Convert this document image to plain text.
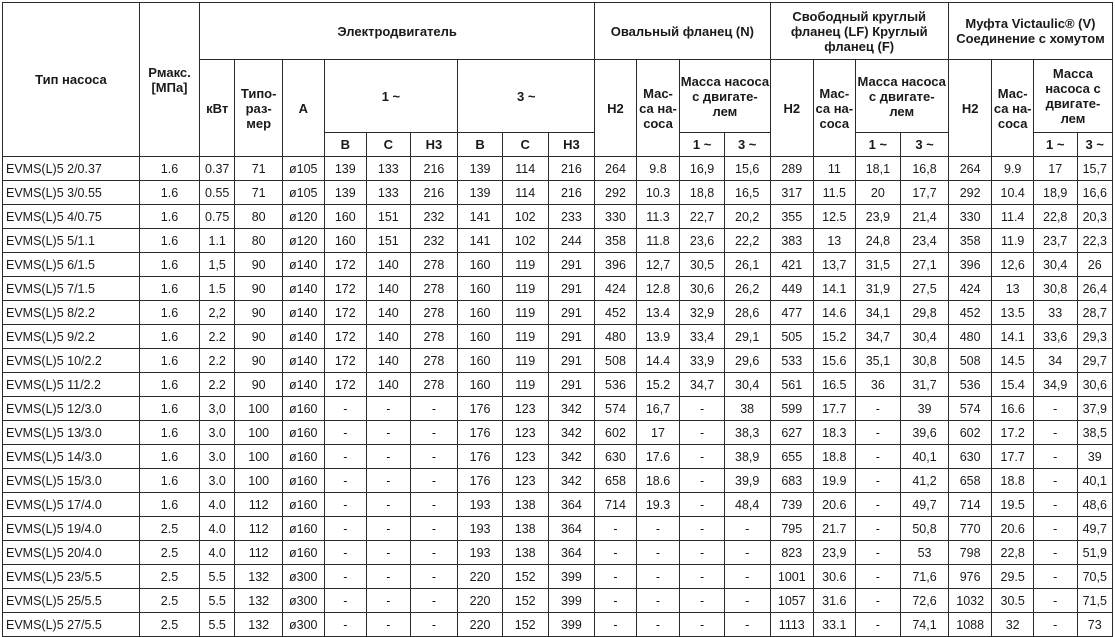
Тип насоса	Pмакс. [МПа]	Электродвигатель									Овальный фланец (N)				Свободный круглый фланец (LF) Круглый фланец (F)				Муфта Victaulic® (V) Соединение с хомутом			
		кВт	Типо- раз- мер	А	1 ~			3 ~			H2	Мас- са на- соса	Масса насоса с двигате- лем		H2	Мас- са на- соса	Масса насоса с двигате- лем		H2	Мас- са на- соса	Масса насоса с двигате- лем	
					B	C	H3	B	C	H3			1 ~	3 ~			1 ~	3 ~			1 ~	3 ~
EVMS(L)5 2/0.37	1.6	0.37	71	ø105	139	133	216	139	114	216	264	9.8	16,9	15,6	289	11	18,1	16,8	264	9.9	17	15,7
EVMS(L)5 3/0.55	1.6	0.55	71	ø105	139	133	216	139	114	216	292	10.3	18,8	16,5	317	11.5	20	17,7	292	10.4	18,9	16,6
EVMS(L)5 4/0.75	1.6	0.75	80	ø120	160	151	232	141	102	233	330	11.3	22,7	20,2	355	12.5	23,9	21,4	330	11.4	22,8	20,3
EVMS(L)5 5/1.1	1.6	1.1	80	ø120	160	151	232	141	102	244	358	11.8	23,6	22,2	383	13	24,8	23,4	358	11.9	23,7	22,3
EVMS(L)5 6/1.5	1.6	1,5	90	ø140	172	140	278	160	119	291	396	12,7	30,5	26,1	421	13,7	31,5	27,1	396	12,6	30,4	26
EVMS(L)5 7/1.5	1.6	1.5	90	ø140	172	140	278	160	119	291	424	12.8	30,6	26,2	449	14.1	31,9	27,5	424	13	30,8	26,4
EVMS(L)5 8/2.2	1.6	2,2	90	ø140	172	140	278	160	119	291	452	13.4	32,9	28,6	477	14.6	34,1	29,8	452	13.5	33	28,7
EVMS(L)5 9/2.2	1.6	2.2	90	ø140	172	140	278	160	119	291	480	13.9	33,4	29,1	505	15.2	34,7	30,4	480	14.1	33,6	29,3
EVMS(L)5 10/2.2	1.6	2.2	90	ø140	172	140	278	160	119	291	508	14.4	33,9	29,6	533	15.6	35,1	30,8	508	14.5	34	29,7
EVMS(L)5 11/2.2	1.6	2.2	90	ø140	172	140	278	160	119	291	536	15.2	34,7	30,4	561	16.5	36	31,7	536	15.4	34,9	30,6
EVMS(L)5 12/3.0	1.6	3,0	100	ø160	-	-	-	176	123	342	574	16,7	-	38	599	17.7	-	39	574	16.6	-	37,9
EVMS(L)5 13/3.0	1.6	3.0	100	ø160	-	-	-	176	123	342	602	17	-	38,3	627	18.3	-	39,6	602	17.2	-	38,5
EVMS(L)5 14/3.0	1.6	3.0	100	ø160	-	-	-	176	123	342	630	17.6	-	38,9	655	18.8	-	40,1	630	17.7	-	39
EVMS(L)5 15/3.0	1.6	3.0	100	ø160	-	-	-	176	123	342	658	18.6	-	39,9	683	19.9	-	41,2	658	18.8	-	40,1
EVMS(L)5 17/4.0	1.6	4.0	112	ø160	-	-	-	193	138	364	714	19.3	-	48,4	739	20.6	-	49,7	714	19.5	-	48,6
EVMS(L)5 19/4.0	2.5	4.0	112	ø160	-	-	-	193	138	364	-	-	-	-	795	21.7	-	50,8	770	20.6	-	49,7
EVMS(L)5 20/4.0	2.5	4.0	112	ø160	-	-	-	193	138	364	-	-	-	-	823	23,9	-	53	798	22,8	-	51,9
EVMS(L)5 23/5.5	2.5	5.5	132	ø300	-	-	-	220	152	399	-	-	-	-	1001	30.6	-	71,6	976	29.5	-	70,5
EVMS(L)5 25/5.5	2.5	5.5	132	ø300	-	-	-	220	152	399	-	-	-	-	1057	31.6	-	72,6	1032	30.5	-	71,5
EVMS(L)5 27/5.5	2.5	5.5	132	ø300	-	-	-	220	152	399	-	-	-	-	1113	33.1	-	74,1	1088	32	-	73
